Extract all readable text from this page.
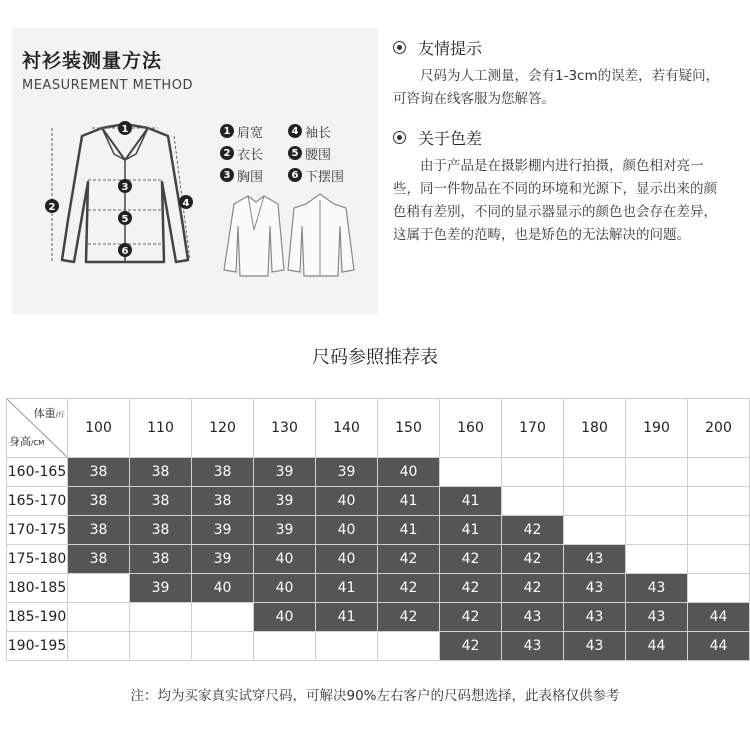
衬衫装测量方法
MEASUREMENT METHOD
1
2
3
4
5
6
1 肩宽	4 袖长
2 衣长	5 腰围
3 胸围	6 下摆围
友情提示
尺码为人工测量，会有1-3cm的误差，若有疑问，可咨询在线客服为您解答。
关于色差
由于产品是在摄影棚内进行拍摄，颜色相对亮一些，同一件物品在不同的环境和光源下，显示出来的颜色稍有差别，不同的显示器显示的颜色也会存在差异，这属于色差的范畴，也是矫色的无法解决的问题。
尺码参照推荐表
体重/斤
身高/CM	100	110	120	130	140	150	160	170	180	190	200
160-165	38	38	38	39	39	40					
165-170	38	38	38	39	40	41	41				
170-175	38	38	39	39	40	41	41	42			
175-180	38	38	39	40	40	42	42	42	43		
180-185		39	40	40	41	42	42	42	43	43	
185-190				40	41	42	42	43	43	43	44
190-195							42	43	43	44	44
注：均为买家真实试穿尺码，可解决90%左右客户的尺码想选择，此表格仅供参考
